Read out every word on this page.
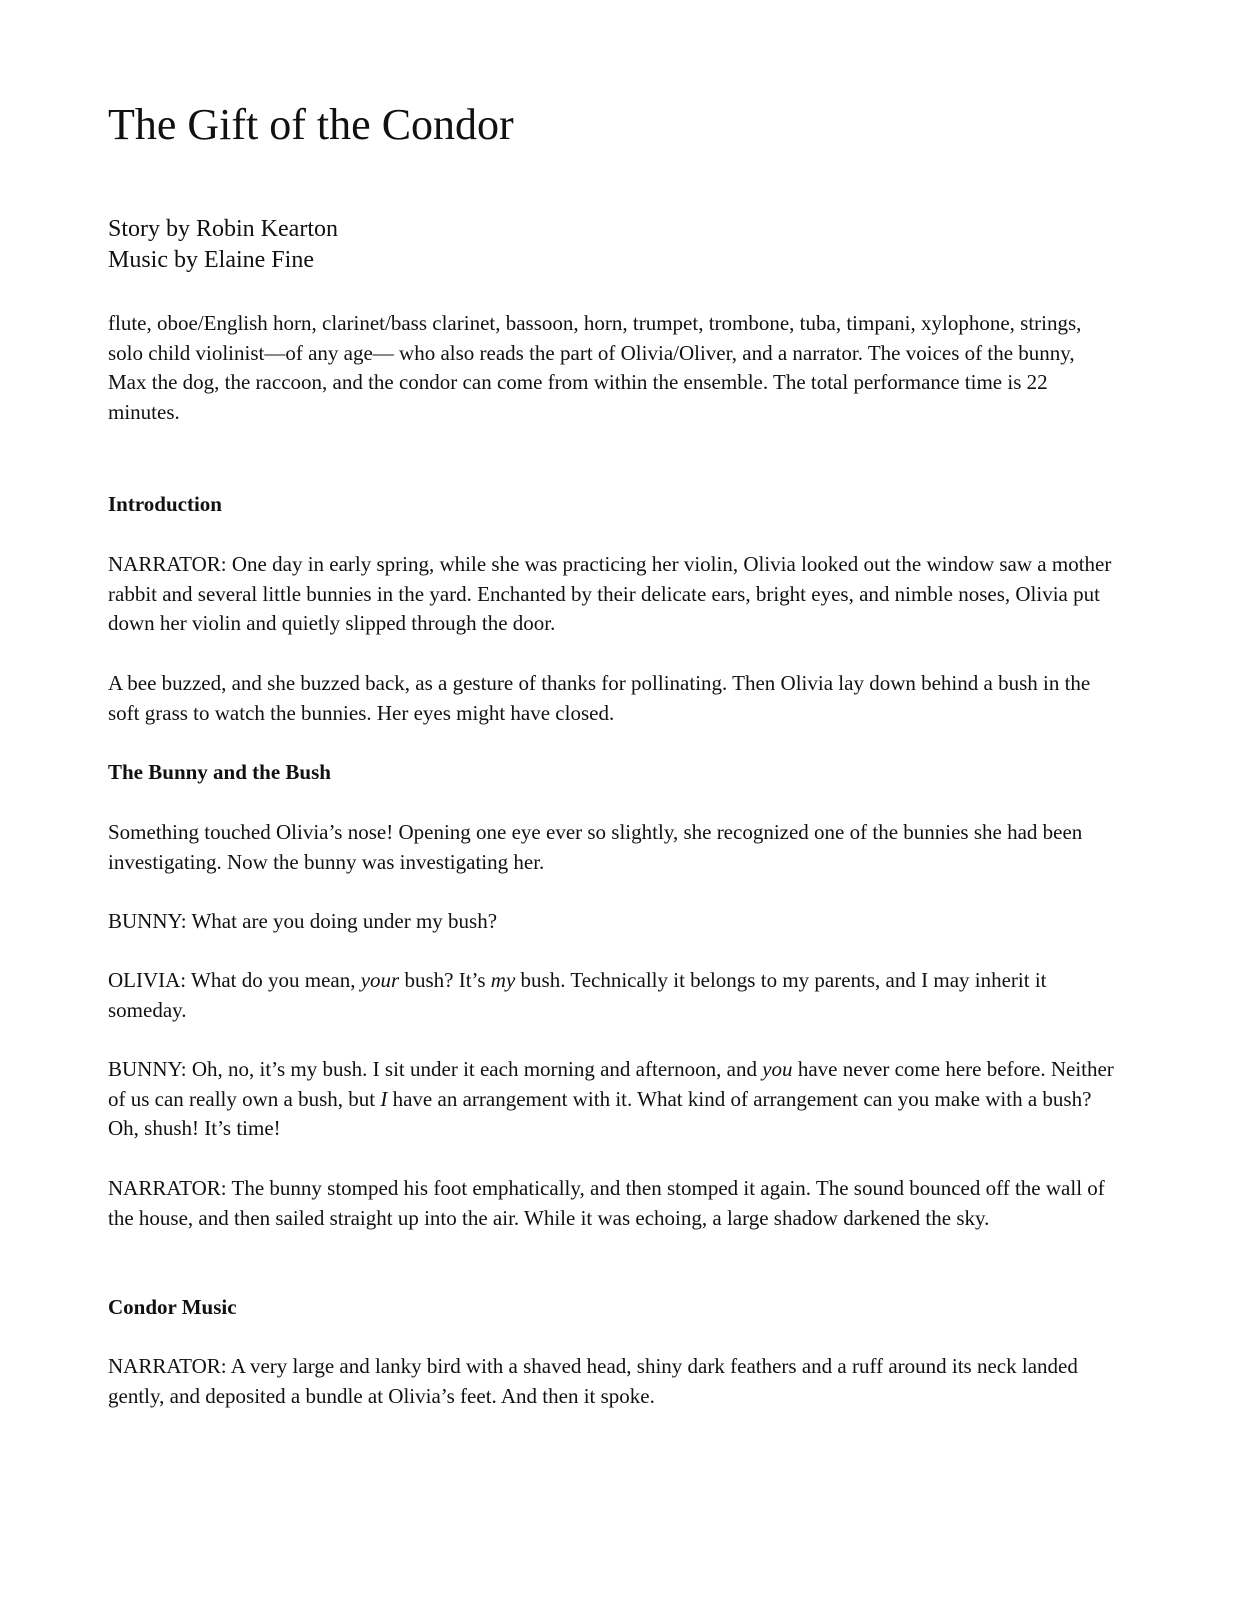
The Gift of the Condor
Story by Robin Kearton
Music by Elaine Fine

flute, oboe/English horn, clarinet/bass clarinet, bassoon, horn, trumpet, trombone, tuba, timpani, xylophone, strings, solo child violinist—of any age— who also reads the part of Olivia/Oliver, and a narrator. The voices of the bunny, Max the dog, the raccoon, and the condor can come from within the ensemble. The total performance time is 22 minutes.

Introduction

NARRATOR: One day in early spring, while she was practicing her violin, Olivia looked out the window saw a mother rabbit and several little bunnies in the yard. Enchanted by their delicate ears, bright eyes, and nimble noses, Olivia put down her violin and quietly slipped through the door.

A bee buzzed, and she buzzed back, as a gesture of thanks for pollinating. Then Olivia lay down behind a bush in the soft grass to watch the bunnies. Her eyes might have closed.

The Bunny and the Bush

Something touched Olivia’s nose! Opening one eye ever so slightly, she recognized one of the bunnies she had been investigating. Now the bunny was investigating her.

BUNNY: What are you doing under my bush?

OLIVIA: What do you mean, your bush? It’s my bush. Technically it belongs to my parents, and I may inherit it someday.

BUNNY: Oh, no, it’s my bush. I sit under it each morning and afternoon, and you have never come here before. Neither of us can really own a bush, but I have an arrangement with it. What kind of arrangement can you make with a bush? Oh, shush! It’s time!

NARRATOR: The bunny stomped his foot emphatically, and then stomped it again. The sound bounced off the wall of the house, and then sailed straight up into the air. While it was echoing, a large shadow darkened the sky.

Condor Music

NARRATOR: A very large and lanky bird with a shaved head, shiny dark feathers and a ruff around its neck landed gently, and deposited a bundle at Olivia’s feet. And then it spoke.
